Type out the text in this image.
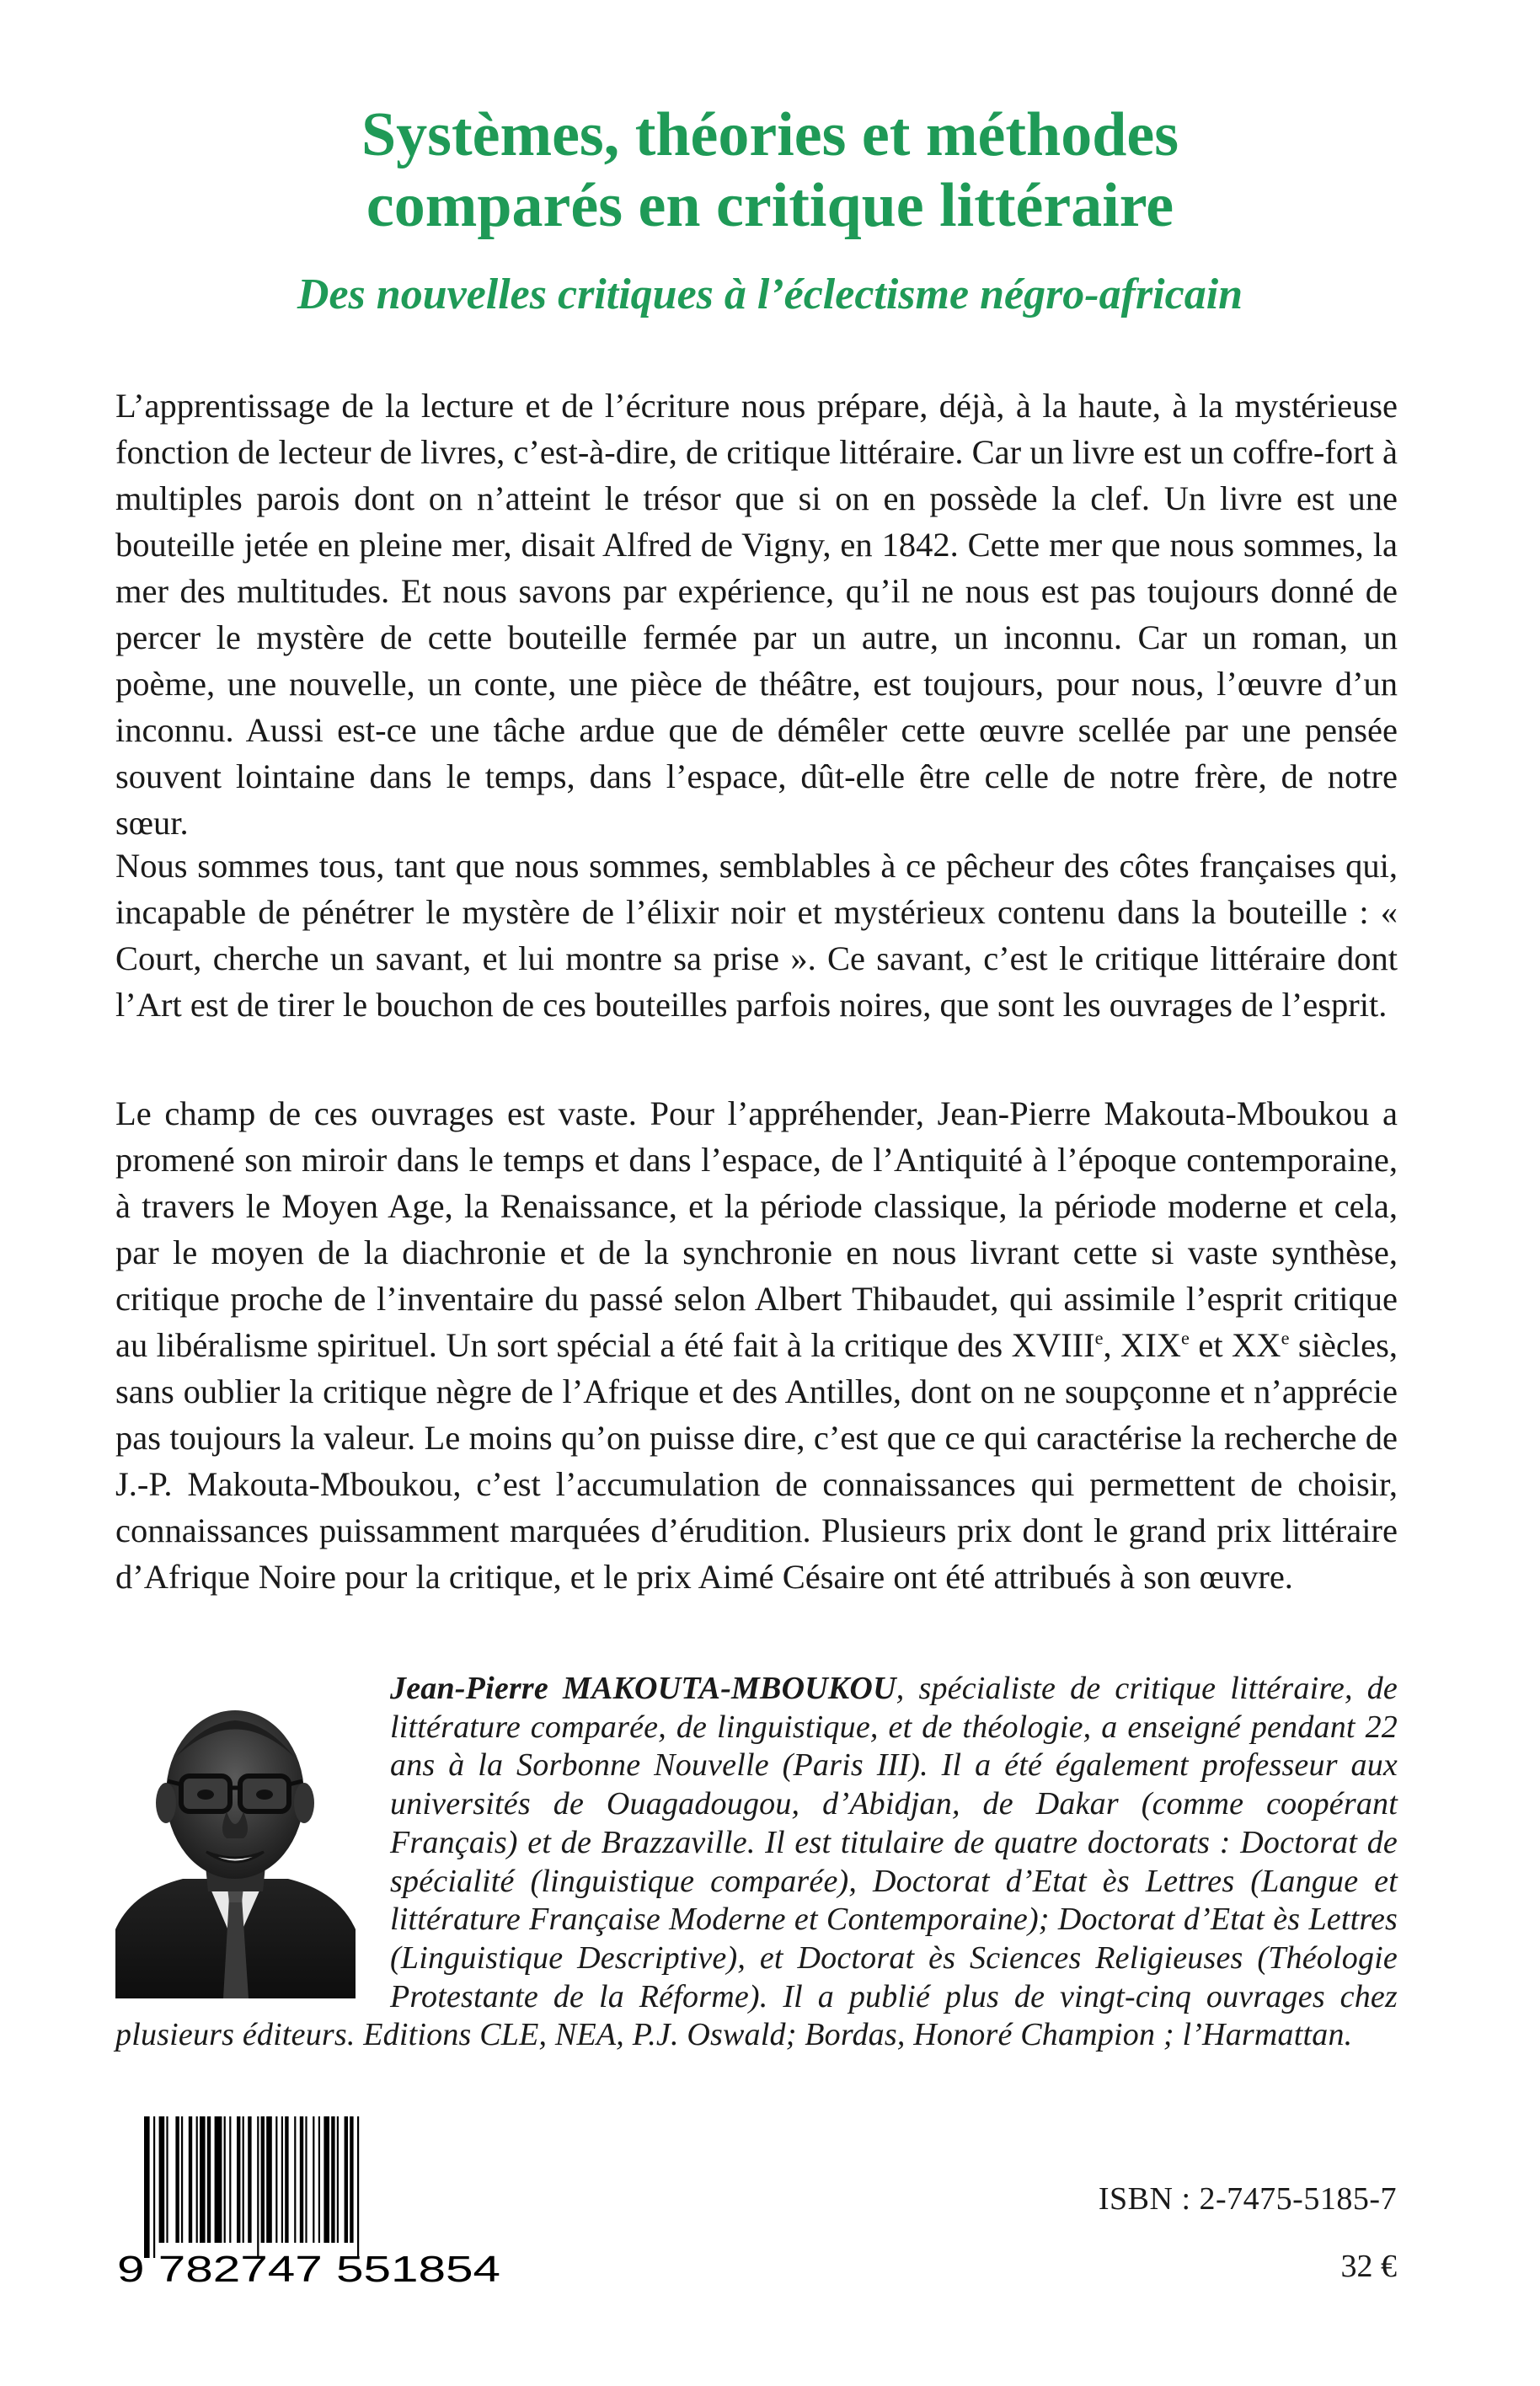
Systèmes, théories et méthodes
comparés en critique littéraire
Des nouvelles critiques à l’éclectisme négro-africain

L’apprentissage de la lecture et de l’écriture nous prépare, déjà, à la haute, à la mystérieuse fonction de lecteur de livres, c’est-à-dire, de critique littéraire. Car un livre est un coffre-fort à multiples parois dont on n’atteint le trésor que si on en possède la clef. Un livre est une bouteille jetée en pleine mer, disait Alfred de Vigny, en 1842. Cette mer que nous sommes, la mer des multitudes. Et nous savons par expérience, qu’il ne nous est pas toujours donné de percer le mystère de cette bouteille fermée par un autre, un inconnu. Car un roman, un poème, une nouvelle, un conte, une pièce de théâtre, est toujours, pour nous, l’œuvre d’un inconnu. Aussi est-ce une tâche ardue que de démêler cette œuvre scellée par une pensée souvent lointaine dans le temps, dans l’espace, dût-elle être celle de notre frère, de notre sœur.

Nous sommes tous, tant que nous sommes, semblables à ce pêcheur des côtes françaises qui, incapable de pénétrer le mystère de l’élixir noir et mystérieux contenu dans la bouteille : « Court, cherche un savant, et lui montre sa prise ». Ce savant, c’est le critique littéraire dont l’Art est de tirer le bouchon de ces bouteilles parfois noires, que sont les ouvrages de l’esprit.

Le champ de ces ouvrages est vaste. Pour l’appréhender, Jean-Pierre Makouta-Mboukou a promené son miroir dans le temps et dans l’espace, de l’Antiquité à l’époque contemporaine, à travers le Moyen Age, la Renaissance, et la période classique, la période moderne et cela, par le moyen de la diachronie et de la synchronie en nous livrant cette si vaste synthèse, critique proche de l’inventaire du passé selon Albert Thibaudet, qui assimile l’esprit critique au libéralisme spirituel. Un sort spécial a été fait à la critique des XVIIIe, XIXe et XXe siècles, sans oublier la critique nègre de l’Afrique et des Antilles, dont on ne soupçonne et n’apprécie pas toujours la valeur. Le moins qu’on puisse dire, c’est que ce qui caractérise la recherche de J.-P. Makouta-Mboukou, c’est l’accumulation de connaissances qui permettent de choisir, connaissances puissamment marquées d’érudition. Plusieurs prix dont le grand prix littéraire d’Afrique Noire pour la critique, et le prix Aimé Césaire ont été attribués à son œuvre.

Jean-Pierre MAKOUTA-MBOUKOU, spécialiste de critique littéraire, de littérature comparée, de linguistique, et de théologie, a enseigné pendant 22 ans à la Sorbonne Nouvelle (Paris III). Il a été également professeur aux universités de Ouagadougou, d’Abidjan, de Dakar (comme coopérant Français) et de Brazzaville. Il est titulaire de quatre doctorats : Doctorat de spécialité (linguistique comparée), Doctorat d’Etat ès Lettres (Langue et littérature Française Moderne et Contemporaine); Doctorat d’Etat ès Lettres (Linguistique Descriptive), et Doctorat ès Sciences Religieuses (Théologie Protestante de la Réforme). Il a publié plus de vingt-cinq ouvrages chez plusieurs éditeurs. Editions CLE, NEA, P.J. Oswald; Bordas, Honoré Champion ; l’Harmattan.

9 782747 551854

ISBN : 2-7475-5185-7

32 €
